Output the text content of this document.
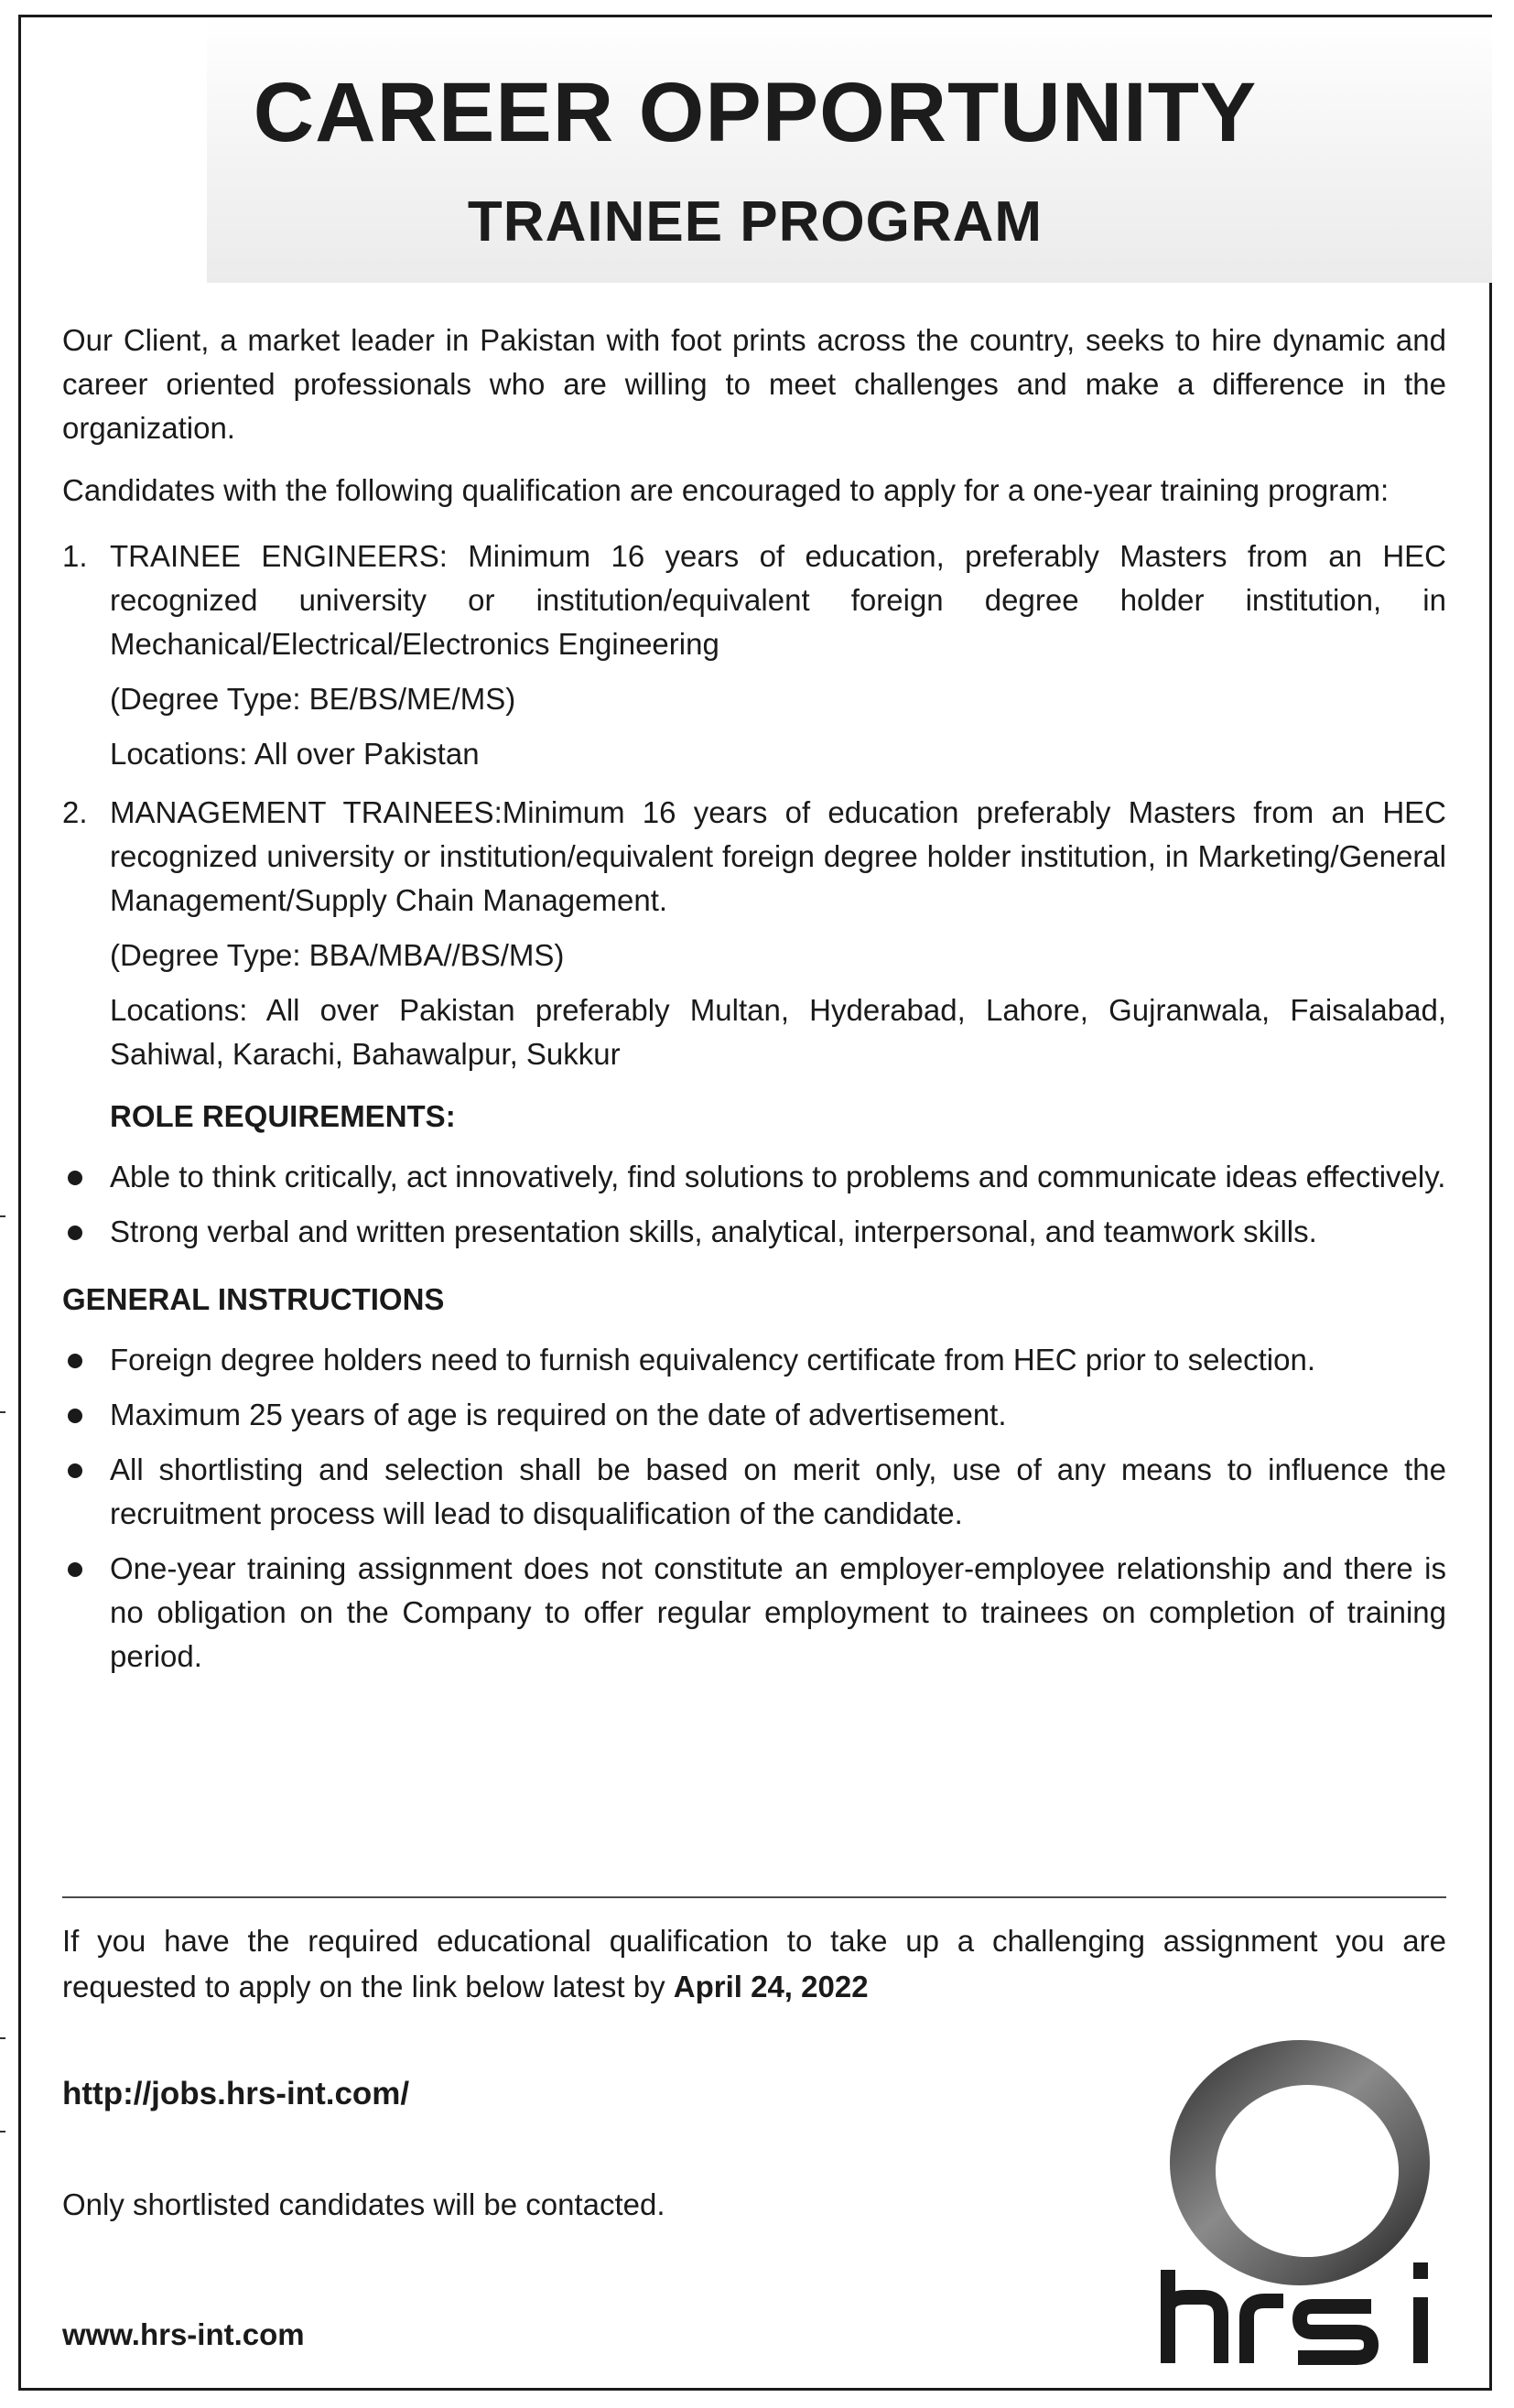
CAREER OPPORTUNITY
TRAINEE PROGRAM

Our Client, a market leader in Pakistan with foot prints across the country, seeks to hire dynamic and career oriented professionals who are willing to meet challenges and make a difference in the organization.

Candidates with the following qualification are encouraged to apply for a one-year training program:

1. TRAINEE ENGINEERS: Minimum 16 years of education, preferably Masters from an HEC recognized university or institution/equivalent foreign degree holder institution, in Mechanical/Electrical/Electronics Engineering

(Degree Type: BE/BS/ME/MS)

Locations: All over Pakistan

2. MANAGEMENT TRAINEES:Minimum 16 years of education preferably Masters from an HEC recognized university or institution/equivalent foreign degree holder institution, in Marketing/General Management/Supply Chain Management.

(Degree Type: BBA/MBA//BS/MS)

Locations: All over Pakistan preferably Multan, Hyderabad, Lahore, Gujranwala, Faisalabad, Sahiwal, Karachi, Bahawalpur, Sukkur

ROLE REQUIREMENTS:
Able to think critically, act innovatively, find solutions to problems and communicate ideas effectively.
Strong verbal and written presentation skills, analytical, interpersonal, and teamwork skills.
GENERAL INSTRUCTIONS
Foreign degree holders need to furnish equivalency certificate from HEC prior to selection.
Maximum 25 years of age is required on the date of advertisement.
All shortlisting and selection shall be based on merit only, use of any means to influence the recruitment process will lead to disqualification of the candidate.
One-year training assignment does not constitute an employer-employee relationship and there is no obligation on the Company to offer regular employment to trainees on completion of training period.
If you have the required educational qualification to take up a challenging assignment you are requested to apply on the link below latest by April 24, 2022
http://jobs.hrs-int.com/
Only shortlisted candidates will be contacted.
www.hrs-int.com
